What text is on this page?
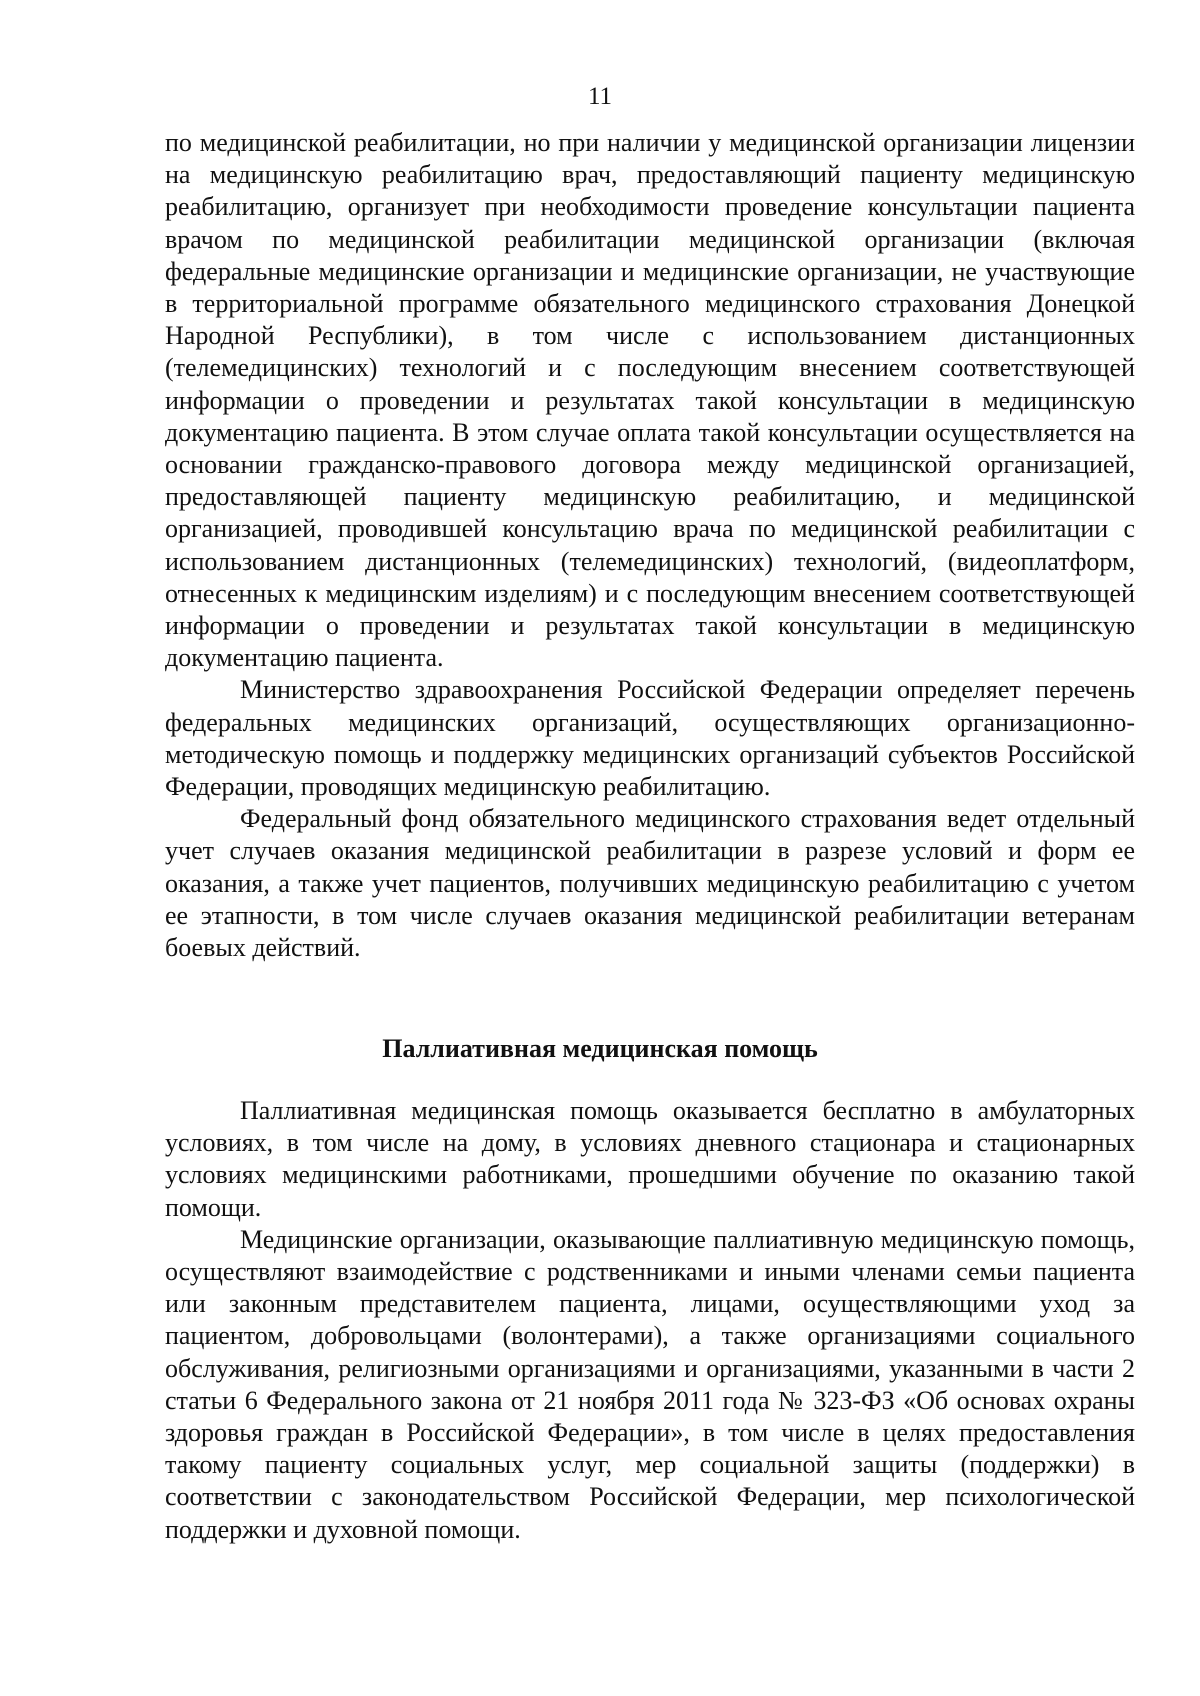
11

по медицинской реабилитации, но при наличии у медицинской организации лицензии на медицинскую реабилитацию врач, предоставляющий пациенту медицинскую реабилитацию, организует при необходимости проведение консультации пациента врачом по медицинской реабилитации медицинской организации (включая федеральные медицинские организации и медицинские организации, не участвующие в территориальной программе обязательного медицинского страхования Донецкой Народной Республики), в том числе с использованием дистанционных (телемедицинских) технологий и с последующим внесением соответствующей информации о проведении и результатах такой консультации в медицинскую документацию пациента. В этом случае оплата такой консультации осуществляется на основании гражданско-правового договора между медицинской организацией, предоставляющей пациенту медицинскую реабилитацию, и медицинской организацией, проводившей консультацию врача по медицинской реабилитации с использованием дистанционных (телемедицинских) технологий, (видеоплатформ, отнесенных к медицинским изделиям) и с последующим внесением соответствующей информации о проведении и результатах такой консультации в медицинскую документацию пациента.

Министерство здравоохранения Российской Федерации определяет перечень федеральных медицинских организаций, осуществляющих организационно-методическую помощь и поддержку медицинских организаций субъектов Российской Федерации, проводящих медицинскую реабилитацию.

Федеральный фонд обязательного медицинского страхования ведет отдельный учет случаев оказания медицинской реабилитации в разрезе условий и форм ее оказания, а также учет пациентов, получивших медицинскую реабилитацию с учетом ее этапности, в том числе случаев оказания медицинской реабилитации ветеранам боевых действий.

Паллиативная медицинская помощь

Паллиативная медицинская помощь оказывается бесплатно в амбулаторных условиях, в том числе на дому, в условиях дневного стационара и стационарных условиях медицинскими работниками, прошедшими обучение по оказанию такой помощи.

Медицинские организации, оказывающие паллиативную медицинскую помощь, осуществляют взаимодействие с родственниками и иными членами семьи пациента или законным представителем пациента, лицами, осуществляющими уход за пациентом, добровольцами (волонтерами), а также организациями социального обслуживания, религиозными организациями и организациями, указанными в части 2 статьи 6 Федерального закона от 21 ноября 2011 года № 323-ФЗ «Об основах охраны здоровья граждан в Российской Федерации», в том числе в целях предоставления такому пациенту социальных услуг, мер социальной защиты (поддержки) в соответствии с законодательством Российской Федерации, мер психологической поддержки и духовной помощи.
